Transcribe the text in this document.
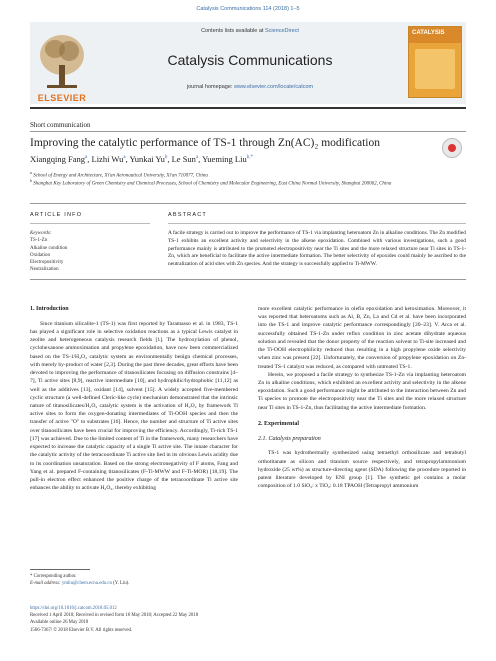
Catalysis Communications 114 (2018) 1–5
ELSEVIER
Contents lists available at ScienceDirect
Catalysis Communications
journal homepage: www.elsevier.com/locate/catcom
CATALYSIS
Short communication
Improving the catalytic performance of TS-1 through Zn(AC)₂ modification
Xiangqing Fang$^a$, Lizhi Wu$^a$, Yunkai Yu$^b$, Le Sun$^a$, Yueming Liu$^{b,*}$
$^a$ School of Energy and Architecture, Xi'an Aeronautical University, Xi'an 710077, China
$^b$ Shanghai Key Laboratory of Green Chemistry and Chemical Processes, School of Chemistry and Molecular Engineering, East China Normal University, Shanghai 200062, China
ARTICLE INFO	ABSTRACT
Keywords:
TS-1-Zn
Alkaline condition
Oxidation
Electropositivity
Neutralization
A facile strategy is carried out to improve the performance of TS-1 via implanting heteroatom Zn in alkaline conditions. The Zn modified TS-1 exhibits an excellent activity and selectivity in the alkene epoxidation. Combined with various investigations, such a good performance mainly is attributed to the promoted electropositivity near the Ti sites and the more relaxed structure near Ti sites in TS-1-Zn, which are beneficial to facilitate the active intermediate formation. The better selectivity of epoxides could mainly be ascribed to the neutralization of acid sites with Zn species. And the strategy is successfully applied to Ti-MWW.
1. Introduction
Since titanium silicalite-1 (TS-1) was first reported by Taramasso et al. in 1983, TS-1 has played a significant role in selective oxidation reactions as a typical Lewis catalyst in zeolite and heterogeneous catalysis research fields [1]. The hydroxylation of phenol, cyclohexanone ammoximation and propylene epoxidation, have now been commercialized based on the TS-1/H₂O₂ catalytic system as environmentally benign chemical processes, with merely by-product of water [2,3]. During the past three decades, great efforts have been devoted to improving the performance of titanosilicates focusing on diffusion constrains [4–7], Ti active sites [8,9], reactive intermediate [10], and hydrophilic/hydrophobic [11,12] as well as the additives [13], oxidant [14], solvent [15]. A widely accepted five-membered cyclic structure (a well-defined Cleric-like cycle) mechanism demonstrated that the intrinsic nature of titanosilicates/H₂O₂ catalytic system is the activation of H₂O₂ by framework Ti active sites to form the oxygen-donating intermediates of Ti-OOH species and then the transfer of active "O" to substrates [16]. Hence, the number and structure of Ti active sites over titanosilicates have been crucial for improving the efficiency. Accordingly, Ti-rich TS-1 [17] was achieved. Due to the limited content of Ti in the framework, many researchers have expected to increase the catalytic capacity of a single Ti active site. The innate character for the catalytic activity of the tetracoordinate Ti active site lied in its obvious Lewis acidity due to its coordination unsaturation. Based on the strong electronegativity of F atoms, Fang and Yang et al. prepared F-containing titanosilicates (F-Ti-MWW and F-Ti-MOR) [18,19]. The pull-in electron effect enhanced the positive charge of the tetracoordinate Ti active site enhances the ability to activate H₂O₂, thereby exhibiting
more excellent catalytic performance in olefin epoxidation and ketoximation. Moreover, it was reported that heteroatoms such as Al, B, Zn, La and Cd et al. have been incorporated into the TS-1 and improve catalytic performance correspondingly [20–23]. V. Arca et al. successfully obtained TS-1-Zn under reflux condition in zinc acetate dihydrate aqueous solution and revealed that the donor property of the reaction solvent to Ti-site increased and the Ti-OOH electrophilicity reduced thus resulting in a high propylene oxide selectivity when zinc was present [22]. Unfortunately, the conversion of propylene epoxidation on Zn-treated TS-1 catalyst was reduced, as compared with untreated TS-1.
Herein, we proposed a facile strategy to synthesize TS-1-Zn via implanting heteroatom Zn in alkaline conditions, which exhibited an excellent activity and selectivity in the alkene epoxidation. Such a good performance might be attributed to the interaction between Zn and Ti species to promote the electropositivity near the Ti sites and the more relaxed structure near Ti sites in TS-1-Zn, thus facilitating the active intermediate formation.
2. Experimental
2.1. Catalysts preparation
TS-1 was hydrothermally synthesized using tetraethyl orthosilicate and tetrabutyl orthotitanate as silicon and titanium source respectively, and tetrapropylammonium hydroxide (25 wt%) as structure-directing agent (SDA) following the procedure reported in patent literature developed by ENI group [1]. The synthetic gel contains a molar composition of 1.0 SiO₂: x TiO₂: 0.18 TPAOH (Tetrapropyl ammonium
* Corresponding author.
E-mail address: ymliu@chem.ecnu.edu.cn (Y. Liu).
https://doi.org/10.1016/j.catcom.2018.05.012
Received 1 April 2018; Received in revised form 16 May 2018; Accepted 22 May 2018
Available online 26 May 2018
1566-7367/ © 2018 Elsevier B.V. All rights reserved.
